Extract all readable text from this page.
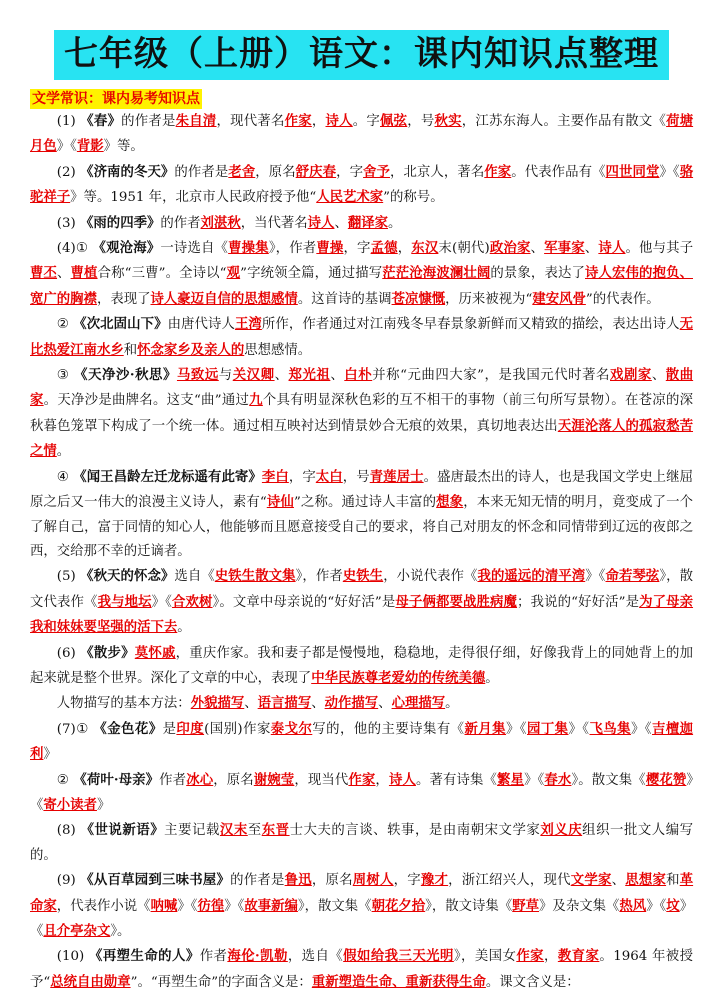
七年级（上册）语文：课内知识点整理
文学常识：课内易考知识点

(1) 《春》的作者是朱自清，现代著名作家，诗人。字佩弦，号秋实，江苏东海人。主要作品有散文《荷塘月色》《背影》等。

(2) 《济南的冬天》的作者是老舍，原名舒庆春，字舍予，北京人，著名作家。代表作品有《四世同堂》《骆驼祥子》等。1951 年，北京市人民政府授予他“人民艺术家”的称号。

(3) 《雨的四季》的作者刘湛秋，当代著名诗人、翻译家。

(4)① 《观沧海》一诗选自《曹操集》，作者曹操，字孟德，东汉末(朝代)政治家、军事家、诗人。他与其子曹丕、曹植合称“三曹”。全诗以“观”字统领全篇，通过描写茫茫沧海波澜壮阔的景象，表达了诗人宏伟的抱负、宽广的胸襟，表现了诗人豪迈自信的思想感情。这首诗的基调苍凉慷慨，历来被视为“建安风骨”的代表作。

② 《次北固山下》由唐代诗人王湾所作，作者通过对江南残冬早春景象新鲜而又精致的描绘，表达出诗人无比热爱江南水乡和怀念家乡及亲人的思想感情。

③ 《天净沙·秋思》马致远与关汉卿、郑光祖、白朴并称“元曲四大家”，是我国元代时著名戏剧家、散曲家。天净沙是曲牌名。这支“曲”通过九个具有明显深秋色彩的互不相干的事物（前三句所写景物）。在苍凉的深秋暮色笼罩下构成了一个统一体。通过相互映衬达到情景妙合无痕的效果，真切地表达出天涯沦落人的孤寂愁苦之情。

④ 《闻王昌龄左迁龙标遥有此寄》李白，字太白，号青莲居士。盛唐最杰出的诗人，也是我国文学史上继屈原之后又一伟大的浪漫主义诗人，素有“诗仙”之称。通过诗人丰富的想象，本来无知无情的明月，竟变成了一个了解自己，富于同情的知心人，他能够而且愿意接受自己的要求，将自己对朋友的怀念和同情带到辽远的夜郎之西，交给那不幸的迁谪者。

(5) 《秋天的怀念》选自《史铁生散文集》，作者史铁生，小说代表作《我的遥远的清平湾》《命若琴弦》，散文代表作《我与地坛》《合欢树》。文章中母亲说的“好好活”是母子俩都要战胜病魔；我说的“好好活”是为了母亲我和妹妹要坚强的活下去。

(6) 《散步》莫怀戚，重庆作家。我和妻子都是慢慢地，稳稳地，走得很仔细，好像我背上的同她背上的加起来就是整个世界。深化了文章的中心，表现了中华民族尊老爱幼的传统美德。

人物描写的基本方法：外貌描写、语言描写、动作描写、心理描写。

(7)① 《金色花》是印度(国别)作家泰戈尔写的，他的主要诗集有《新月集》《园丁集》《飞鸟集》《吉檀迦利》

② 《荷叶·母亲》作者冰心，原名谢婉莹，现当代作家，诗人。著有诗集《繁星》《春水》。散文集《樱花赞》《寄小读者》

(8) 《世说新语》主要记载汉末至东晋士大夫的言谈、轶事，是由南朝宋文学家刘义庆组织一批文人编写的。

(9) 《从百草园到三味书屋》的作者是鲁迅，原名周树人，字豫才，浙江绍兴人，现代文学家、思想家和革命家，代表作小说《呐喊》《彷徨》《故事新编》，散文集《朝花夕拾》，散文诗集《野草》及杂文集《热风》《坟》《且介亭杂文》。

(10) 《再塑生命的人》作者海伦·凯勒，选自《假如给我三天光明》，美国女作家，教育家。1964 年被授予“总统自由勋章”。“再塑生命”的字面含义是：重新塑造生命、重新获得生命。课文含义是：
